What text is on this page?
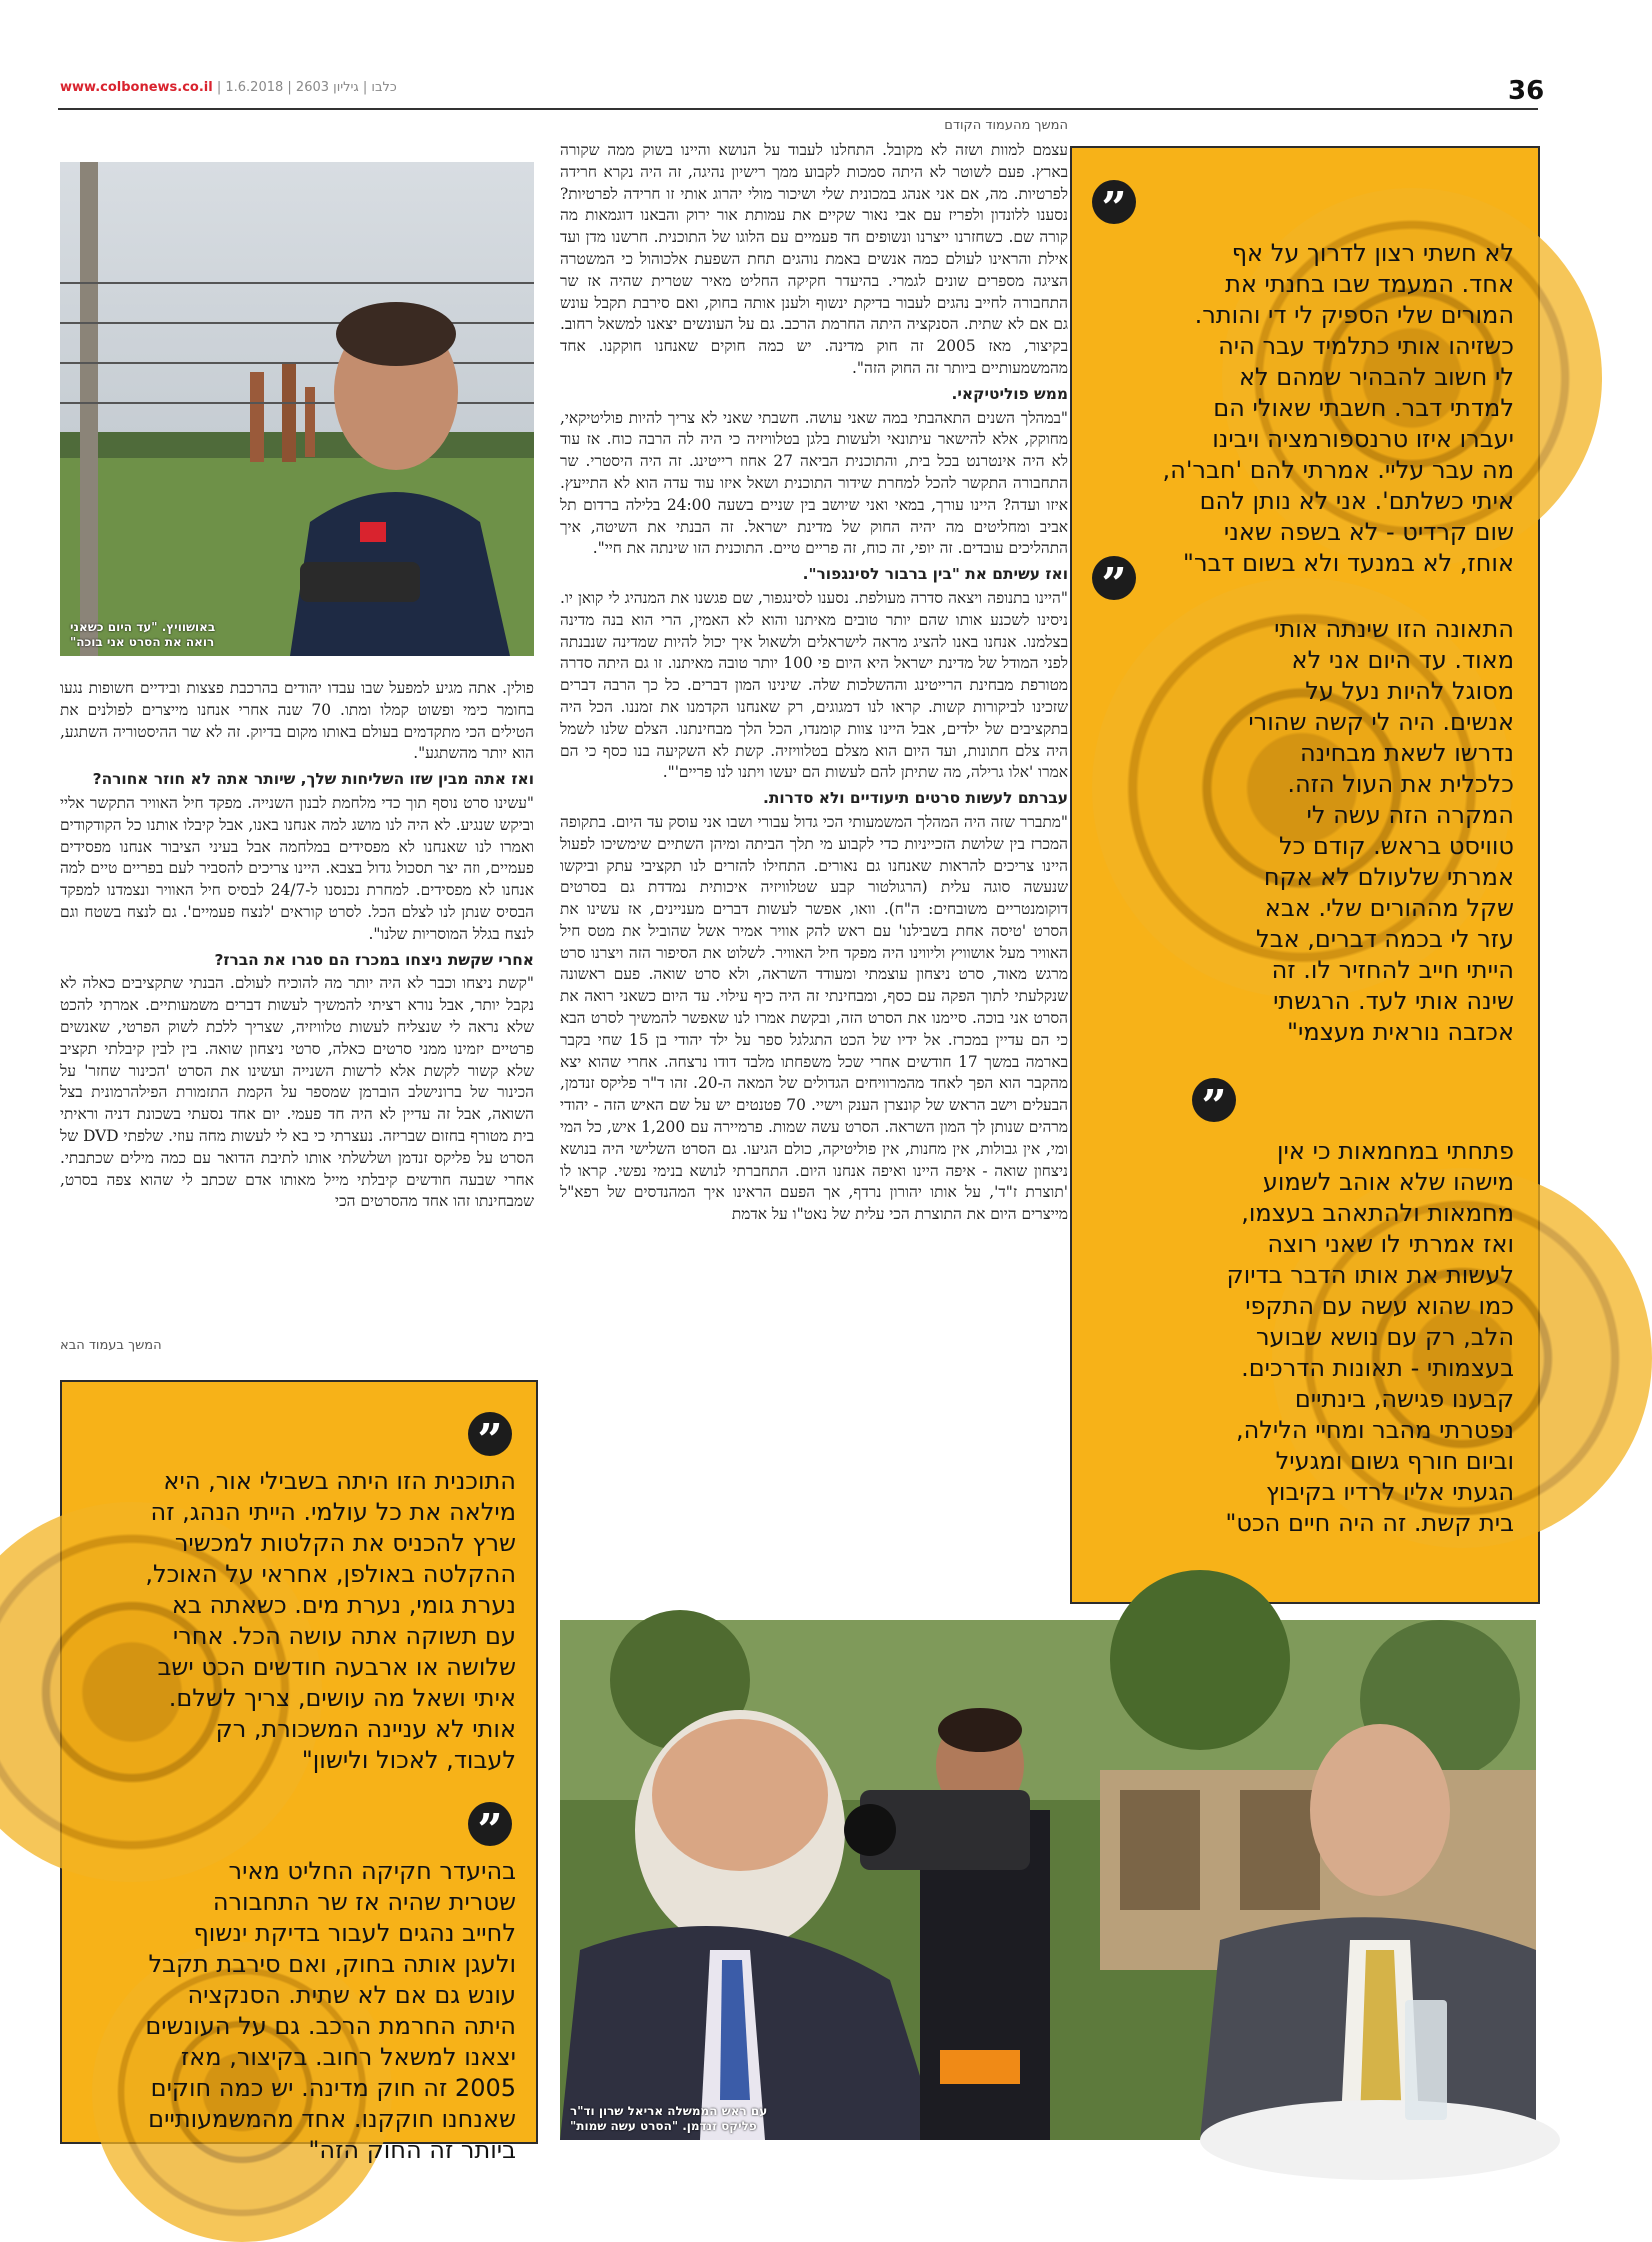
www.colbonews.co.il | כלבו | גיליון 2603 | 1.6.2018	36
המשך מהעמוד הקודם

עצמם למוות ושזה לא מקובל. התחלנו לעבוד על הנושא והיינו בשוק ממה שקורה בארץ. פעם לשוטר לא היתה סמכות לקבוע ממך רישיון נהיגה, זה היה נקרא חרידה לפרטיות. מה, אם אני אנהג במכונית שלי ושיכור מולי יהרוג אותי זו חרידה לפרטיות? נסענו ללונדון ולפריז עם אבי נאור שקיים את עמותת אור ירוק והבאנו דוגמאות מה קורה שם. כשחזרנו ייצרנו ונשופים חד פעמיים עם הלוגו של התוכנית. חרשנו מדן ועד אילת והראינו לעולם כמה אנשים באמת נוהגים תחת השפעת אלכוהול כי המשטרה הציגה מספרים שונים לגמרי. בהיעדר חקיקה החליט מאיר שטרית שהיה אז שר התחבורה לחייב נהגים לעבור בדיקת ינשוף ולענן אותה בחוק, ואם סירבת תקבל עונש גם אם לא שתית. הסנקציה היתה החרמת הרכב. גם על העונשים יצאנו למשאל רחוב. בקיצור, מאז 2005 זה חוק מדינה. יש כמה חוקים שאנחנו חוקקנו. אחד מהמשמעותיים ביותר זה החוק הזה".

ממש פוליטיקאי.

"במהלך השנים התאהבתי במה שאני עושה. חשבתי שאני לא צריך להיות פוליטיקאי, מחוקק, אלא להישאר עיתונאי ולעשות בלגן בטלוויזיה כי היה לה הרבה כוח. אז עוד לא היה אינטרנט בכל בית, והתוכנית הביאה 27 אחוז רייטינג. זה היה היסטרי. שר התחבורה התקשר להכל למחרת שידור התוכנית ושאל איזו עוד עדה הוא לא התייעץ. איזו ועדה? היינו עורך, במאי ואני שיושב בין שניים בשעה 24:00 בלילה ברדום תל אביב ומחליטים מה יהיה החוק של מדינת ישראל. זה הבנתי את השיטה, איך התהליכים עובדים. זה יופי, זה כוח, זה פריים טיים. התוכנית הזו שינתה את חיי".

ואז עשיתם את "בין ברבור לסינגפור".

"היינו בתנופה ויצאה סדרה מעולפת. נסענו לסינגפור, שם פגשנו את המנהיג לי קואן יו. ניסינו לשכנע אותו שהם יותר טובים מאיתנו והוא לא האמין, הרי הוא בנה מדינה בצלמנו. אנחנו באנו להציג מראה לישראלים ולשאול איך יכול להיות שמדינה שנבנתה לפני המודל של מדינת ישראל היא היום פי 100 יותר טובה מאיתנו. זו גם היתה סדרה מטורפת מבחינת הרייטינג וההשלכות שלה. שינינו המון דברים. כל כך הרבה דברים שזכינו לביקורות קשות. קראו לנו דמגוגים, רק שאנחנו הקדמנו את זמננו. הכל היה בתקציבים של ילדים, אבל היינו צוות קומנדו, הכל הלך מבחינתנו. הצלם שלנו לשמל היה צלם חתונות, ועד היום הוא מצלם בטלוויזיה. קשת לא השקיעה בנו כסף כי הם אמרו 'אלו גרילה, מה שתיתן להם לעשות הם יעשו ויתנו לנו פריים'".

עברתם לעשות סרטים תיעודיים ולא סדרות.

"מתברר שזה היה המהלך המשמעותי הכי גדול עבורי ושבו אני עוסק עד היום. בתקופה המכרז בין שלושת הזכייניות כדי לקבוע מי תלך הביתה ומיהן השתיים שימשיכו לפעול היינו צריכים להראות שאנחנו גם נאורים. התחילו להזרים לנו תקציבי עתק וביקשו שנעשה סוגה עלית (הרגולטור קבע שטלוויזיה איכותית נמדדת גם בסרטים דוקומנטריים משובחים: ה"ח). וואו, אפשר לעשות דברים מעניינים, אז עשינו את הסרט 'טיסה אחת בשבילנו' עם ראש להק אוויר אמיר אשל שהוביל את מטס חיל האוויר מעל אושוויץ וליווינו היה מפקד חיל האוויר. לשלוט את הסיפור הזה ויצרנו סרט מרגש מאוד, סרט ניצחון עוצמתי ומעודד השראה, ולא סרט שואה. פעם ראשונה שנקלעתי לתוך הפקה עם כסף, ומבחינתי זה היה כיף עילוי. עד היום כשאני רואה את הסרט אני בוכה. סיימנו את הסרט הזה, ובקשת אמרו לנו שאפשר להמשיך לסרט הבא כי הם עדיין במכרז. אל ידיו של הכט התגלגל ספר על ילד יהודי בן 15 שחי בקבר בארמה במשך 17 חודשים אחרי שכל משפחתו מלבד דודו נרצחה. אחרי שהוא יצא מהקבר הוא הפך לאחד מהמרוויחים הגדולים של המאה ה-20. זהו ד"ר פליקס זנדמן, הבעלים וישב הראש של קונצרן הענק וישיי. 70 פטנטים יש על שם האיש הזה - יהודי מרהים שנותן לך המון השראה. הסרט עשה שמות. פרמיירה עם 1,200 איש, כל המי ומי, אין גבולות, אין מחנות, אין פוליטיקה, כולם הגיעו. גם הסרט השלישי היה בנושא ניצחון שואה - איפה היינו ואיפה אנחנו היום. התחברתי לנושא בנימי נפשי. קראו לו 'תוצרת ז"ד', על אותו יהורון נרדף, אך הפעם הראינו איך המהנדסים של רפא"ל מייצרים היום את התוצרת הכי עלית של נאט"ו על אדמת

באושוויץ. "עד היום כשאני
רואה את הסרט אני בוכה"

פולין. אתה מגיע למפעל שבו עבדו יהודים בהרכבת פצצות ובידיים חשופות נגעו בחומר כימי ופשוט קמלו ומתו. 70 שנה אחרי אנחנו מייצרים לפולנים את הטילים הכי מתקדמים בעולם באותו מקום בדיוק. זה לא שר ההיסטוריה השתגע, הוא יותר מהשתגע".

ואז אתה מבין שזו השליחות שלך, שיותר אתה לא חוזר אחורה?

"עשינו סרט נוסף תוך כדי מלחמת לבנון השנייה. מפקד חיל האוויר התקשר אליי וביקש שנגיע. לא היה לנו מושג למה אנחנו באנו, אבל קיבלו אותנו כל הקודקודים ואמרו לנו שאנחנו לא מפסידים במלחמה אבל בעיני הציבור אנחנו מפסידים פעמיים, וזה יצר תסכול גדול בצבא. היינו צריכים להסביר לעם בפריים טיים למה אנחנו לא מפסידים. למחרת נכנסנו ל-24/7 לבסיס חיל האוויר ונצמדנו למפקד הבסיס שנתן לנו לצלם הכל. לסרט קוראים 'לנצח פעמיים'. גם לנצח בשטח וגם לנצח בגלל המוסריות שלנו".

אחרי שקשת ניצחו במכרז הם סגרו את הברז?

"קשת ניצחו וכבר לא היה יותר מה להוכיח לעולם. הבנתי שתקציבים כאלה לא נקבל יותר, אבל נורא רציתי להמשיך לעשות דברים משמעותיים. אמרתי להכט שלא נראה לי שנצליח לעשות טלוויזיה, שצריך ללכת לשוק הפרטי, שאנשים פרטיים יזמינו ממני סרטים כאלה, סרטי ניצחון שואה. בין לבין קיבלתי תקציב שלא קשור לקשת אלא לרשות השנייה ועשינו את הסרט 'הכינור שחזר' על הכינור של ברונישלב הוברמן שמספר על הקמת התזמורת הפילהרמונית בצל השואה, אבל זה עדיין לא היה חד פעמי. יום אחד נסעתי בשכונת דניה וראיתי בית מטורף בחזום שבריזה. נעצרתי כי בא לי לעשות מחה עוזי. שלפתי DVD של הסרט על פליקס זנדמן ושלשלתי אותו לתיבת הדואר עם כמה מילים שכתבתי. אחרי שבעה חודשים קיבלתי מייל מאותו אדם שכתב לי שהוא צפה בסרט, שמבחינתו זהו אחד מהסרטים הכי

המשך בעמוד הבא
”
לא חשתי רצון לדרוך על אף
אחד. המעמד שבו בחנתי את
המורים שלי הספיק לי די והותר.
כשזיהו אותי כתלמיד עבר היה
לי חשוב להבהיר שמהם לא
למדתי דבר. חשבתי שאולי הם
יעברו איזו טרנספורמציה ויבינו
מה עבר עליי. אמרתי להם 'חבר'ה,
איתי כשלתם'. אני לא נותן להם
שום קרדיט - לא בשפה שאני
אוחז, לא במנעד ולא בשום דבר"
”
התאונה הזו שינתה אותי
מאוד. עד היום אני לא
מסוגל להיות נעל על
אנשים. היה לי קשה שהורי
נדרשו לשאת מבחינה
כלכלית את העול הזה.
המקרה הזה עשה לי
טוויסט בראש. קודם כל
אמרתי שלעולם לא אקח
שקל מההורים שלי. אבא
עזר לי בכמה דברים, אבל
הייתי חייב להחזיר לו. זה
שינה אותי לעד. הרגשתי
אכזבה נוראית מעצמי"
”
פתחתי במחמאות כי אין
מישהו שלא אוהב לשמוע
מחמאות ולהתאהב בעצמו,
ואז אמרתי לו שאני רוצה
לעשות את אותו הדבר בדיוק
כמו שהוא עשה עם התקפי
הלב, רק עם נושא שבוער
בעצמותי - תאונות הדרכים.
קבענו פגישה, בינתיים
נפטרתי מהבר ומחיי הלילה,
וביום חורף גשום ומגעיל
הגעתי אליו לרדיו בקיבוץ
בית קשת. זה היה חיים הכט"
”
התוכנית הזו היתה בשבילי אור, היא
מילאה את כל עולמי. הייתי הנהג, זה
שרץ להכניס את הקלטות למכשיר
ההקלטה באולפן, אחראי על האוכל,
נערת גומי, נערת מים. כשאתה בא
עם תשוקה אתה עושה הכל. אחרי
שלושה או ארבעה חודשים הכט ישב
איתי ושאל מה עושים, צריך לשלם.
אותי לא עניינה המשכורת, רק
לעבוד, לאכול ולישון"
”
בהיעדר חקיקה החליט מאיר
שטרית שהיה אז שר התחבורה
לחייב נהגים לעבור בדיקת ינשוף
ולעגן אותה בחוק, ואם סירבת תקבל
עונש גם אם לא שתית. הסנקציה
היתה החרמת הרכב. גם על העונשים
יצאנו למשאל רחוב. בקיצור, מאז
2005 זה חוק מדינה. יש כמה חוקים
שאנחנו חוקקנו. אחד מהמשמעותיים
ביותר זה החוק הזה"
עם ראש הממשלה אריאל שרון וד"ר
פליקס זנדמן. "הסרט עשה שמות"
